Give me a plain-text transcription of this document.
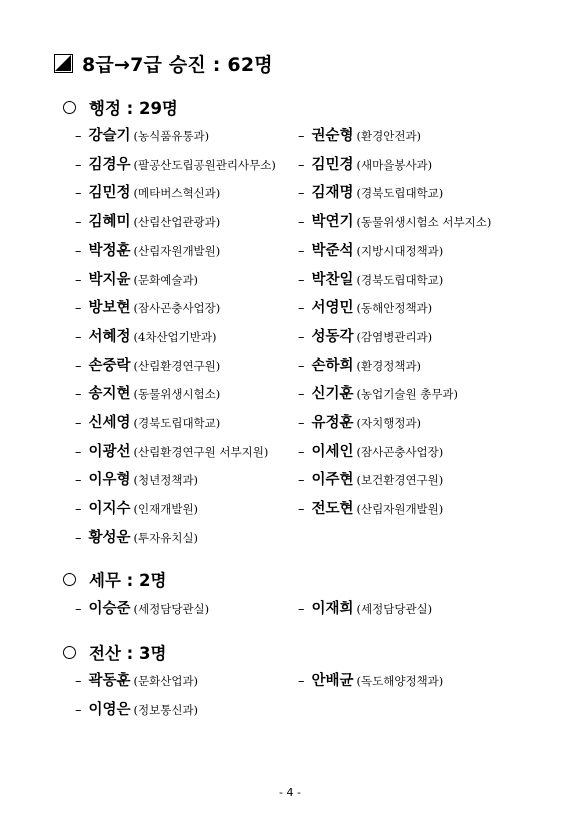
8급→7급 승진 : 62명
행정 : 29명
– 강슬기 (농식품유통과)	– 권순형 (환경안전과)
– 김경우 (팔공산도립공원관리사무소) – 김민경 (새마을봉사과)
– 김민정 (메타버스혁신과)	– 김재명 (경북도립대학교)
– 김혜미 (산림산업관광과)	– 박연기 (동물위생시험소 서부지소)
– 박정훈 (산림자원개발원)	– 박준석 (지방시대정책과)
– 박지윤 (문화예술과)	– 박찬일 (경북도립대학교)
– 방보현 (잠사곤충사업장)	– 서영민 (동해안정책과)
– 서혜정 (4차산업기반과)	– 성동각 (감염병관리과)
– 손중락 (산림환경연구원)	– 손하희 (환경정책과)
– 송지현 (동물위생시험소)	– 신기훈 (농업기술원 총무과)
– 신세영 (경북도립대학교)	– 유정훈 (자치행정과)
– 이광선 (산림환경연구원 서부지원) – 이세인 (잠사곤충사업장)
– 이우형 (청년정책과)	– 이주현 (보건환경연구원)
– 이지수 (인재개발원)	– 전도현 (산림자원개발원)
– 황성운 (투자유치실)
세무 : 2명
– 이승준 (세정담당관실)	– 이재희 (세정담당관실)
전산 : 3명
– 곽동훈 (문화산업과)	– 안배균 (독도해양정책과)
– 이영은 (정보통신과)
- 4 -
